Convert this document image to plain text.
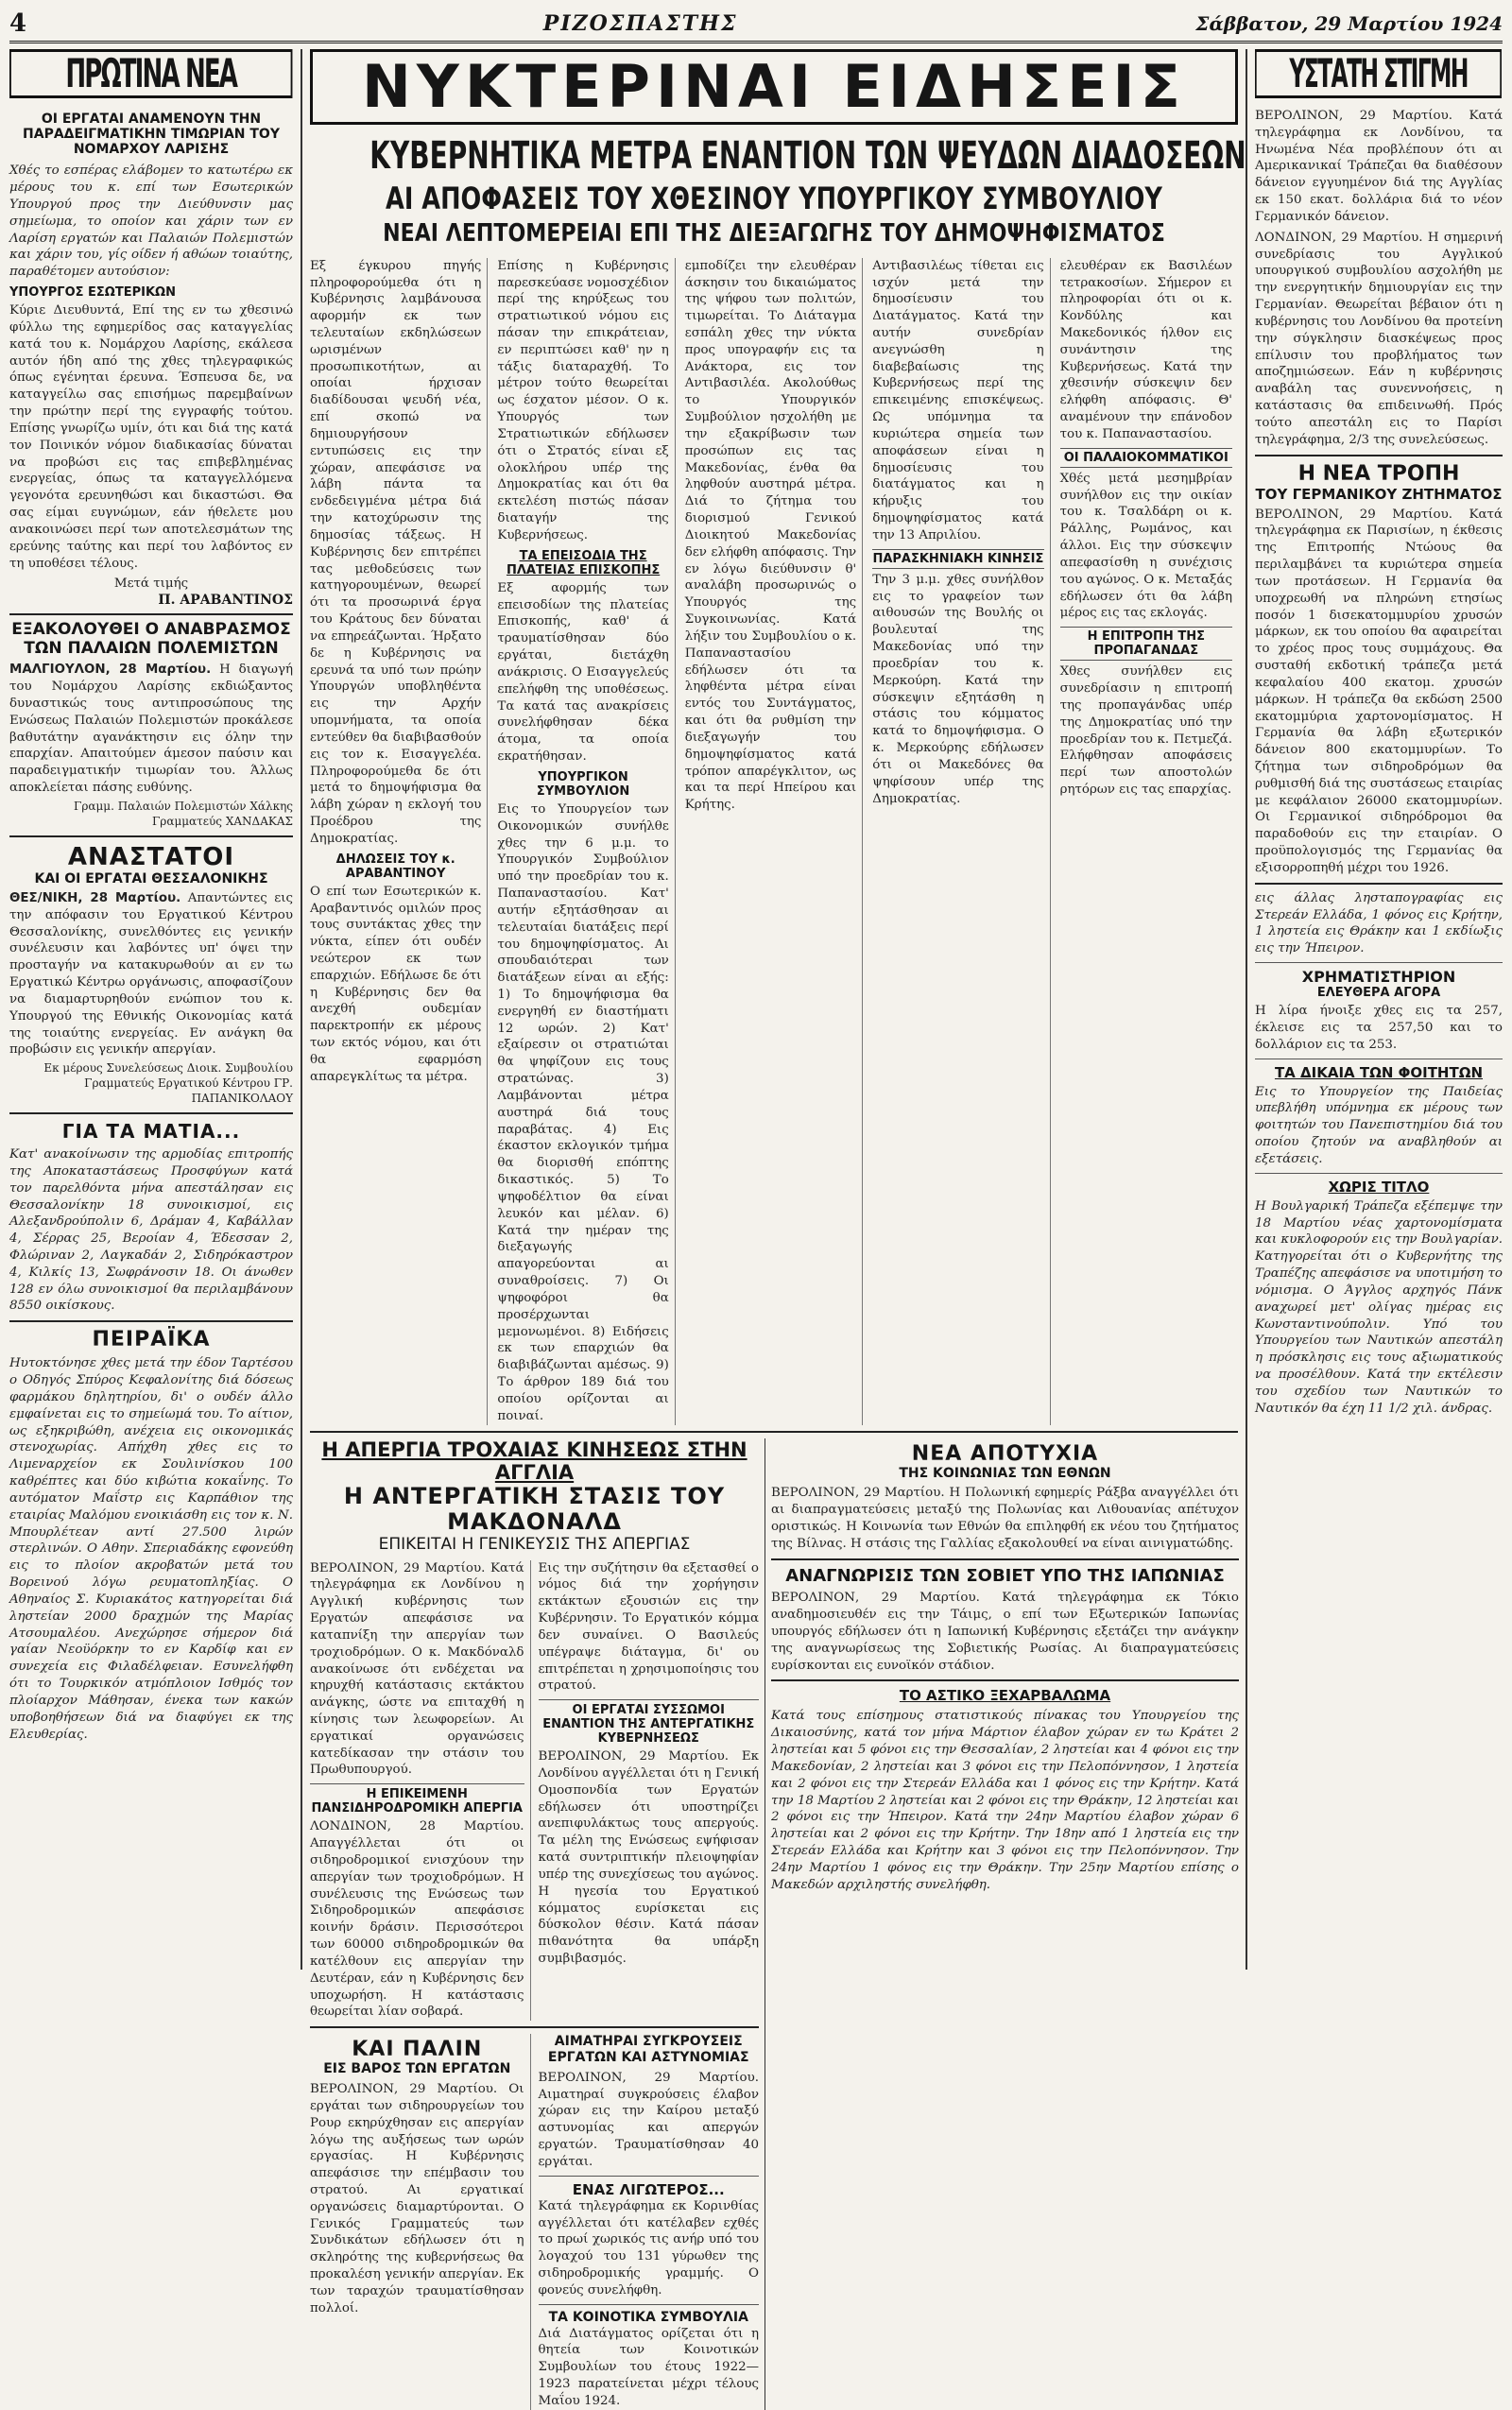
4	ΡΙΖΟΣΠΑΣΤΗΣ	Σάββατον, 29 Μαρτίου 1924
ΠΡΩΤΙΝΑ ΝΕΑ
ΟΙ ΕΡΓΑΤΑΙ ΑΝΑΜΕΝΟΥΝ ΤΗΝ ΠΑΡΑΔΕΙΓΜΑΤΙΚΗΝ ΤΙΜΩΡΙΑΝ ΤΟΥ ΝΟΜΑΡΧΟΥ ΛΑΡΙΣΗΣ
Χθές το εσπέρας ελάβομεν το κατωτέρω εκ μέρους του κ. επί των Εσωτερικών Υπουργού προς την Διεύθυνσιν μας σημείωμα, το οποίον και χάριν των εν Λαρίση εργατών και Παλαιών Πολεμιστών και χάριν του, γίς οίδεν ή αθώων τοιαύτης, παραθέτομεν αυτούσιον:
ΥΠΟΥΡΓΟΣ ΕΣΩΤΕΡΙΚΩΝ
Κύριε Διευθυντά, Επί της εν τω χθεσινώ φύλλω της εφημερίδος σας καταγγελίας κατά του κ. Νομάρχου Λαρίσης, εκάλεσα αυτόν ήδη από της χθες τηλεγραφικώς όπως εγένηται έρευνα. Έσπευσα δε, να καταγγείλω σας επισήμως παρεμβαίνων την πρώτην περί της εγγραφής τούτου. Επίσης γνωρίζω υμίν, ότι και διά της κατά τον Ποινικόν νόμον διαδικασίας δύναται να προβώσι εις τας επιβεβλημένας ενεργείας, όπως τα καταγγελλόμενα γεγονότα ερευνηθώσι και δικαστώσι. Θα σας είμαι ευγνώμων, εάν ήθελετε μου ανακοινώσει περί των αποτελεσμάτων της ερεύνης ταύτης και περί του λαβόντος εν τη υποθέσει τέλους.
Μετά τιμής
Π. ΑΡΑΒΑΝΤΙΝΟΣ
ΕΞΑΚΟΛΟΥΘΕΙ Ο ΑΝΑΒΡΑΣΜΟΣ ΤΩΝ ΠΑΛΑΙΩΝ ΠΟΛΕΜΙΣΤΩΝ
ΜΑΛΓΙΟΥΛΟΝ, 28 Μαρτίου. Η διαγωγή του Νομάρχου Λαρίσης εκδιώξαντος δυναστικώς τους αντιπροσώπους της Ενώσεως Παλαιών Πολεμιστών προκάλεσε βαθυτάτην αγανάκτησιν εις όλην την επαρχίαν. Απαιτούμεν άμεσον παύσιν και παραδειγματικήν τιμωρίαν του. Άλλως αποκλείεται πάσης ευθύνης.
Γραμμ. Παλαιών Πολεμιστών Χάλκης Γραμματεύς ΧΑΝΔΑΚΑΣ
ΑΝΑΣΤΑΤΟΙ
ΚΑΙ ΟΙ ΕΡΓΑΤΑΙ ΘΕΣΣΑΛΟΝΙΚΗΣ
ΘΕΣ/ΝΙΚΗ, 28 Μαρτίου. Απαντώντες εις την απόφασιν του Εργατικού Κέντρου Θεσσαλονίκης, συνελθόντες εις γενικήν συνέλευσιν και λαβόντες υπ' όψει την προσταγήν να κατακυρωθούν αι εν τω Εργατικώ Κέντρω οργάνωσις, αποφασίζουν να διαμαρτυρηθούν ενώπιον του κ. Υπουργού της Εθνικής Οικονομίας κατά της τοιαύτης ενεργείας. Εν ανάγκη θα προβώσιν εις γενικήν απεργίαν.
Εκ μέρους Συνελεύσεως Διοικ. Συμβουλίου Γραμματεύς Εργατικού Κέντρου ΓΡ. ΠΑΠΑΝΙΚΟΛΑΟΥ
ΓΙΑ ΤΑ ΜΑΤΙΑ...
Κατ' ανακοίνωσιν της αρμοδίας επιτροπής της Αποκαταστάσεως Προσφύγων κατά τον παρελθόντα μήνα απεστάλησαν εις Θεσσαλονίκην 18 συνοικισμοί, εις Αλεξανδρούπολιν 6, Δράμαν 4, Καβάλλαν 4, Σέρρας 25, Βεροίαν 4, Έδεσσαν 2, Φλώριναν 2, Λαγκαδάν 2, Σιδηρόκαστρον 4, Κιλκίς 13, Σωφράνοσιν 18. Οι άνωθεν 128 εν όλω συνοικισμοί θα περιλαμβάνουν 8550 οικίσκους.
ΠΕΙΡΑΪΚΑ
Ηυτοκτόνησε χθες μετά την έδον Ταρτέσου ο Οδηγός Σπύρος Κεφαλονίτης διά δόσεως φαρμάκου δηλητηρίου, δι' ο ουδέν άλλο εμφαίνεται εις το σημείωμά του. Το αίτιον, ως εξηκριβώθη, ανέχεια εις οικονομικάς στενοχωρίας. Απήχθη χθες εις το Λιμεναρχείον εκ Σουλινίσκου 100 καθρέπτες και δύο κιβώτια κοκαΐνης. Το αυτόματον Μαΐστρ εις Καρπάθιον της εταιρίας Μαλόμου ενοικιάσθη εις τον κ. Ν. Μπουρλέτεαν αντί 27.500 λιρών στερλινών. Ο Αθην. Σπεριαδάκης εφονεύθη εις το πλοίον ακροβατών μετά του Βορεινού λόγω ρευματοπληξίας. Ο Αθηναίος Σ. Κυριακάτος κατηγορείται διά ληστείαν 2000 δραχμών της Μαρίας Ατσουμαλέου. Ανεχώρησε σήμερον διά γαίαν Νεοϋόρκην το εν Καρδίφ και εν συνεχεία εις Φιλαδέλφειαν. Εσυνελήφθη ότι το Τουρκικόν ατμόπλοιον Ισθμός τον πλοίαρχον Μάθησαν, ένεκα των κακών υποβοηθήσεων διά να διαφύγει εκ της Ελευθερίας.
ΝΥΚΤΕΡΙΝΑΙ ΕΙΔΗΣΕΙΣ
ΚΥΒΕΡΝΗΤΙΚΑ ΜΕΤΡΑ ΕΝΑΝΤΙΟΝ ΤΩΝ ΨΕΥΔΩΝ ΔΙΑΔΟΣΕΩΝ
ΑΙ ΑΠΟΦΑΣΕΙΣ ΤΟΥ ΧΘΕΣΙΝΟΥ ΥΠΟΥΡΓΙΚΟΥ ΣΥΜΒΟΥΛΙΟΥ
ΝΕΑΙ ΛΕΠΤΟΜΕΡΕΙΑΙ ΕΠΙ ΤΗΣ ΔΙΕΞΑΓΩΓΗΣ ΤΟΥ ΔΗΜΟΨΗΦΙΣΜΑΤΟΣ
Εξ έγκυρου πηγής πληροφορούμεθα ότι η Κυβέρνησις λαμβάνουσα αφορμήν εκ των τελευταίων εκδηλώσεων ωρισμένων προσωπικοτήτων, αι οποίαι ήρχισαν διαδίδουσαι ψευδή νέα, επί σκοπώ να δημιουργήσουν εντυπώσεις εις την χώραν, απεφάσισε να λάβη πάντα τα ενδεδειγμένα μέτρα διά την κατοχύρωσιν της δημοσίας τάξεως. Η Κυβέρνησις δεν επιτρέπει τας μεθοδεύσεις των κατηγορουμένων, θεωρεί ότι τα προσωρινά έργα του Κράτους δεν δύναται να επηρεάζωνται. Ήρξατο δε η Κυβέρνησις να ερευνά τα υπό των πρώην Υπουργών υποβληθέντα εις την Αρχήν υπομνήματα, τα οποία εντεύθεν θα διαβιβασθούν εις τον κ. Εισαγγελέα. Πληροφορούμεθα δε ότι μετά το δημοψήφισμα θα λάβη χώραν η εκλογή του Προέδρου της Δημοκρατίας.
ΔΗΛΩΣΕΙΣ ΤΟΥ κ. ΑΡΑΒΑΝΤΙΝΟΥ
Ο επί των Εσωτερικών κ. Αραβαντινός ομιλών προς τους συντάκτας χθες την νύκτα, είπεν ότι ουδέν νεώτερον εκ των επαρχιών. Εδήλωσε δε ότι η Κυβέρνησις δεν θα ανεχθή ουδεμίαν παρεκτροπήν εκ μέρους των εκτός νόμου, και ότι θα εφαρμόση απαρεγκλίτως τα μέτρα.
Επίσης η Κυβέρνησις παρεσκεύασε νομοσχέδιον περί της κηρύξεως του στρατιωτικού νόμου εις πάσαν την επικράτειαν, εν περιπτώσει καθ' ην η τάξις διαταραχθή. Το μέτρον τούτο θεωρείται ως έσχατον μέσον. Ο κ. Υπουργός των Στρατιωτικών εδήλωσεν ότι ο Στρατός είναι εξ ολοκλήρου υπέρ της Δημοκρατίας και ότι θα εκτελέση πιστώς πάσαν διαταγήν της Κυβερνήσεως.
ΤΑ ΕΠΕΙΣΟΔΙΑ ΤΗΣ ΠΛΑΤΕΙΑΣ ΕΠΙΣΚΟΠΗΣ
Εξ αφορμής των επεισοδίων της πλατείας Επισκοπής, καθ' ά τραυματίσθησαν δύο εργάται, διετάχθη ανάκρισις. Ο Εισαγγελεύς επελήφθη της υποθέσεως. Τα κατά τας ανακρίσεις συνελήφθησαν δέκα άτομα, τα οποία εκρατήθησαν.
ΥΠΟΥΡΓΙΚΟΝ ΣΥΜΒΟΥΛΙΟΝ
Εις το Υπουργείον των Οικονομικών συνήλθε χθες την 6 μ.μ. το Υπουργικόν Συμβούλιον υπό την προεδρίαν του κ. Παπαναστασίου. Κατ' αυτήν εξητάσθησαν αι τελευταίαι διατάξεις περί του δημοψηφίσματος. Αι σπουδαιότεραι των διατάξεων είναι αι εξής: 1) Το δημοψήφισμα θα ενεργηθή εν διαστήματι 12 ωρών. 2) Κατ' εξαίρεσιν οι στρατιώται θα ψηφίζουν εις τους στρατώνας. 3) Λαμβάνονται μέτρα αυστηρά διά τους παραβάτας. 4) Εις έκαστον εκλογικόν τμήμα θα διορισθή επόπτης δικαστικός. 5) Το ψηφοδέλτιον θα είναι λευκόν και μέλαν. 6) Κατά την ημέραν της διεξαγωγής απαγορεύονται αι συναθροίσεις. 7) Οι ψηφοφόροι θα προσέρχωνται μεμονωμένοι. 8) Ειδήσεις εκ των επαρχιών θα διαβιβάζωνται αμέσως. 9) Το άρθρον 189 διά του οποίου ορίζονται αι ποιναί.
εμποδίζει την ελευθέραν άσκησιν του δικαιώματος της ψήφου των πολιτών, τιμωρείται. Το Διάταγμα εσπάλη χθες την νύκτα προς υπογραφήν εις τα Ανάκτορα, εις τον Αντιβασιλέα. Ακολούθως το Υπουργικόν Συμβούλιον ησχολήθη με την εξακρίβωσιν των προσώπων εις τας Μακεδονίας, ένθα θα ληφθούν αυστηρά μέτρα. Διά το ζήτημα του διορισμού Γενικού Διοικητού Μακεδονίας δεν ελήφθη απόφασις. Την εν λόγω διεύθυνσιν θ' αναλάβη προσωρινώς ο Υπουργός της Συγκοινωνίας. Κατά λήξιν του Συμβουλίου ο κ. Παπαναστασίου εδήλωσεν ότι τα ληφθέντα μέτρα είναι εντός του Συντάγματος, και ότι θα ρυθμίση την διεξαγωγήν του δημοψηφίσματος κατά τρόπον απαρέγκλιτον, ως και τα περί Ηπείρου και Κρήτης.
Αντιβασιλέως τίθεται εις ισχύν μετά την δημοσίευσιν του Διατάγματος. Κατά την αυτήν συνεδρίαν ανεγνώσθη η διαβεβαίωσις της Κυβερνήσεως περί της επικειμένης επισκέψεως. Ως υπόμνημα τα κυριώτερα σημεία των αποφάσεων είναι η δημοσίευσις του διατάγματος και η κήρυξις του δημοψηφίσματος κατά την 13 Απριλίου.
ΠΑΡΑΣΚΗΝΙΑΚΗ ΚΙΝΗΣΙΣ
Την 3 μ.μ. χθες συνήλθον εις το γραφείον των αιθουσών της Βουλής οι βουλευταί της Μακεδονίας υπό την προεδρίαν του κ. Μερκούρη. Κατά την σύσκεψιν εξητάσθη η στάσις του κόμματος κατά το δημοψήφισμα. Ο κ. Μερκούρης εδήλωσεν ότι οι Μακεδόνες θα ψηφίσουν υπέρ της Δημοκρατίας.
ελευθέραν εκ Βασιλέων τετρακοσίων. Σήμερον ει πληροφορίαι ότι οι κ. Κονδύλης και Μακεδονικός ήλθον εις συνάντησιν της Κυβερνήσεως. Κατά την χθεσινήν σύσκεψιν δεν ελήφθη απόφασις. Θ' αναμένουν την επάνοδον του κ. Παπαναστασίου.
ΟΙ ΠΑΛΑΙΟΚΟΜΜΑΤΙΚΟΙ
Χθές μετά μεσημβρίαν συνήλθον εις την οικίαν του κ. Τσαλδάρη οι κ. Ράλλης, Ρωμάνος, και άλλοι. Εις την σύσκεψιν απεφασίσθη η συνέχισις του αγώνος. Ο κ. Μεταξάς εδήλωσεν ότι θα λάβη μέρος εις τας εκλογάς.
Η ΕΠΙΤΡΟΠΗ ΤΗΣ ΠΡΟΠΑΓΑΝΔΑΣ
Χθες συνήλθεν εις συνεδρίασιν η επιτροπή της προπαγάνδας υπέρ της Δημοκρατίας υπό την προεδρίαν του κ. Πετμεζά. Ελήφθησαν αποφάσεις περί των αποστολών ρητόρων εις τας επαρχίας.
Η ΑΠΕΡΓΙΑ ΤΡΟΧΑΙΑΣ ΚΙΝΗΣΕΩΣ ΣΤΗΝ ΑΓΓΛΙΑ
Η ΑΝΤΕΡΓΑΤΙΚΗ ΣΤΑΣΙΣ ΤΟΥ ΜΑΚΔΟΝΑΛΔ
ΕΠΙΚΕΙΤΑΙ Η ΓΕΝΙΚΕΥΣΙΣ ΤΗΣ ΑΠΕΡΓΙΑΣ
ΒΕΡΟΛΙΝΟΝ, 29 Μαρτίου. Κατά τηλεγράφημα εκ Λονδίνου η Αγγλική κυβέρνησις των Εργατών απεφάσισε να καταπνίξη την απεργίαν των τροχιοδρόμων. Ο κ. Μακδόναλδ ανακοίνωσε ότι ενδέχεται να κηρυχθή κατάστασις εκτάκτου ανάγκης, ώστε να επιταχθή η κίνησις των λεωφορείων. Αι εργατικαί οργανώσεις κατεδίκασαν την στάσιν του Πρωθυπουργού.
Η ΕΠΙΚΕΙΜΕΝΗ ΠΑΝΣΙΔΗΡΟΔΡΟΜΙΚΗ ΑΠΕΡΓΙΑ
ΛΟΝΔΙΝΟΝ, 28 Μαρτίου. Απαγγέλλεται ότι οι σιδηροδρομικοί ενισχύουν την απεργίαν των τροχιοδρόμων. Η συνέλευσις της Ενώσεως των Σιδηροδρομικών απεφάσισε κοινήν δράσιν. Περισσότεροι των 60000 σιδηροδρομικών θα κατέλθουν εις απεργίαν την Δευτέραν, εάν η Κυβέρνησις δεν υποχωρήση. Η κατάστασις θεωρείται λίαν σοβαρά.
Εις την συζήτησιν θα εξετασθεί ο νόμος διά την χορήγησιν εκτάκτων εξουσιών εις την Κυβέρνησιν. Το Εργατικόν κόμμα δεν συναίνει. Ο Βασιλεύς υπέγραψε διάταγμα, δι' ου επιτρέπεται η χρησιμοποίησις του στρατού.
ΟΙ ΕΡΓΑΤΑΙ ΣΥΣΣΩΜΟΙ ΕΝΑΝΤΙΟΝ ΤΗΣ ΑΝΤΕΡΓΑΤΙΚΗΣ ΚΥΒΕΡΝΗΣΕΩΣ
ΒΕΡΟΛΙΝΟΝ, 29 Μαρτίου. Εκ Λονδίνου αγγέλλεται ότι η Γενική Ομοσπονδία των Εργατών εδήλωσεν ότι υποστηρίζει ανεπιφυλάκτως τους απεργούς. Τα μέλη της Ενώσεως εψήφισαν κατά συντριπτικήν πλειοψηφίαν υπέρ της συνεχίσεως του αγώνος. Η ηγεσία του Εργατικού κόμματος ευρίσκεται εις δύσκολον θέσιν. Κατά πάσαν πιθανότητα θα υπάρξη συμβιβασμός.
ΚΑΙ ΠΑΛΙΝ
ΕΙΣ ΒΑΡΟΣ ΤΩΝ ΕΡΓΑΤΩΝ
ΒΕΡΟΛΙΝΟΝ, 29 Μαρτίου. Οι εργάται των σιδηρουργείων του Ρουρ εκηρύχθησαν εις απεργίαν λόγω της αυξήσεως των ωρών εργασίας. Η Κυβέρνησις απεφάσισε την επέμβασιν του στρατού. Αι εργατικαί οργανώσεις διαμαρτύρονται. Ο Γενικός Γραμματεύς των Συνδικάτων εδήλωσεν ότι η σκληρότης της κυβερνήσεως θα προκαλέση γενικήν απεργίαν. Εκ των ταραχών τραυματίσθησαν πολλοί.
ΑΙΜΑΤΗΡΑΙ ΣΥΓΚΡΟΥΣΕΙΣ ΕΡΓΑΤΩΝ ΚΑΙ ΑΣΤΥΝΟΜΙΑΣ
ΒΕΡΟΛΙΝΟΝ, 29 Μαρτίου. Αιματηραί συγκρούσεις έλαβον χώραν εις την Καίρου μεταξύ αστυνομίας και απεργών εργατών. Τραυματίσθησαν 40 εργάται.
ΕΝΑΣ ΛΙΓΩΤΕΡΟΣ...
Κατά τηλεγράφημα εκ Κορινθίας αγγέλλεται ότι κατέλαβεν εχθές το πρωί χωρικός τις ανήρ υπό του λογαχού του 131 γύρωθεν της σιδηροδρομικής γραμμής. Ο φονεύς συνελήφθη.
ΤΑ ΚΟΙΝΟΤΙΚΑ ΣΥΜΒΟΥΛΙΑ
Διά Διατάγματος ορίζεται ότι η θητεία των Κοινοτικών Συμβουλίων του έτους 1922—1923 παρατείνεται μέχρι τέλους Μαΐου 1924.
ΝΕΑ ΑΠΟΤΥΧΙΑ
ΤΗΣ ΚΟΙΝΩΝΙΑΣ ΤΩΝ ΕΘΝΩΝ
ΒΕΡΟΛΙΝΟΝ, 29 Μαρτίου. Η Πολωνική εφημερίς Ράξβα αναγγέλλει ότι αι διαπραγματεύσεις μεταξύ της Πολωνίας και Λιθουανίας απέτυχον οριστικώς. Η Κοινωνία των Εθνών θα επιληφθή εκ νέου του ζητήματος της Βίλνας. Η στάσις της Γαλλίας εξακολουθεί να είναι αινιγματώδης.
ΑΝΑΓΝΩΡΙΣΙΣ ΤΩΝ ΣΟΒΙΕΤ ΥΠΟ ΤΗΣ ΙΑΠΩΝΙΑΣ
ΒΕΡΟΛΙΝΟΝ, 29 Μαρτίου. Κατά τηλεγράφημα εκ Τόκιο αναδημοσιευθέν εις την Τάιμς, ο επί των Εξωτερικών Ιαπωνίας υπουργός εδήλωσεν ότι η Ιαπωνική Κυβέρνησις εξετάζει την ανάγκην της αναγνωρίσεως της Σοβιετικής Ρωσίας. Αι διαπραγματεύσεις ευρίσκονται εις ευνοϊκόν στάδιον.
ΤΟ ΑΣΤΙΚΟ ΞΕΧΑΡΒΑΛΩΜΑ
Κατά τους επίσημους στατιστικούς πίνακας του Υπουργείου της Δικαιοσύνης, κατά τον μήνα Μάρτιον έλαβον χώραν εν τω Κράτει 2 ληστείαι και 5 φόνοι εις την Θεσσαλίαν, 2 ληστείαι και 4 φόνοι εις την Μακεδονίαν, 2 ληστείαι και 3 φόνοι εις την Πελοπόννησον, 1 ληστεία και 2 φόνοι εις την Στερεάν Ελλάδα και 1 φόνος εις την Κρήτην. Κατά την 18 Μαρτίου 2 ληστείαι και 2 φόνοι εις την Θράκην, 12 ληστείαι και 2 φόνοι εις την Ήπειρον. Κατά την 24ην Μαρτίου έλαβον χώραν 6 ληστείαι και 2 φόνοι εις την Κρήτην. Την 18ην από 1 ληστεία εις την Στερεάν Ελλάδα και Κρήτην και 3 φόνοι εις την Πελοπόννησον. Την 24ην Μαρτίου 1 φόνος εις την Θράκην. Την 25ην Μαρτίου επίσης ο Μακεδών αρχιληστής συνελήφθη.
ΥΣΤΑΤΗ ΣΤΙΓΜΗ
ΒΕΡΟΛΙΝΟΝ, 29 Μαρτίου. Κατά τηλεγράφημα εκ Λονδίνου, τα Ηνωμένα Νέα προβλέπουν ότι αι Αμερικανικαί Τράπεζαι θα διαθέσουν δάνειον εγγυημένον διά της Αγγλίας εκ 150 εκατ. δολλάρια διά το νέον Γερμανικόν δάνειον.
ΛΟΝΔΙΝΟΝ, 29 Μαρτίου. Η σημερινή συνεδρίασις του Αγγλικού υπουργικού συμβουλίου ασχολήθη με την ενεργητικήν δημιουργίαν εις την Γερμανίαν. Θεωρείται βέβαιον ότι η κυβέρνησις του Λονδίνου θα προτείνη την σύγκλησιν διασκέψεως προς επίλυσιν του προβλήματος των αποζημιώσεων. Εάν η κυβέρνησις αναβάλη τας συνεννοήσεις, η κατάστασις θα επιδεινωθή. Πρός τούτο απεστάλη εις το Παρίσι τηλεγράφημα, 2/3 της συνελεύσεως.
Η ΝΕΑ ΤΡΟΠΗ
ΤΟΥ ΓΕΡΜΑΝΙΚΟΥ ΖΗΤΗΜΑΤΟΣ
ΒΕΡΟΛΙΝΟΝ, 29 Μαρτίου. Κατά τηλεγράφημα εκ Παρισίων, η έκθεσις της Επιτροπής Ντώους θα περιλαμβάνει τα κυριώτερα σημεία των προτάσεων. Η Γερμανία θα υποχρεωθή να πληρώνη ετησίως ποσόν 1 δισεκατομμυρίου χρυσών μάρκων, εκ του οποίου θα αφαιρείται το χρέος προς τους συμμάχους. Θα συσταθή εκδοτική τράπεζα μετά κεφαλαίου 400 εκατομ. χρυσών μάρκων. Η τράπεζα θα εκδώση 2500 εκατομμύρια χαρτονομίσματος. Η Γερμανία θα λάβη εξωτερικόν δάνειον 800 εκατομμυρίων. Το ζήτημα των σιδηροδρόμων θα ρυθμισθή διά της συστάσεως εταιρίας με κεφάλαιον 26000 εκατομμυρίων. Οι Γερμανικοί σιδηρόδρομοι θα παραδοθούν εις την εταιρίαν. Ο προϋπολογισμός της Γερμανίας θα εξισορροπηθή μέχρι του 1926.
εις άλλας λησταπογραφίας εις Στερεάν Ελλάδα, 1 φόνος εις Κρήτην, 1 ληστεία εις Θράκην και 1 εκδίωξις εις την Ήπειρον.
ΧΡΗΜΑΤΙΣΤΗΡΙΟΝ
ΕΛΕΥΘΕΡΑ ΑΓΟΡΑ
Η λίρα ήνοιξε χθες εις τα 257, έκλεισε εις τα 257,50 και το δολλάριον εις τα 253.
ΤΑ ΔΙΚΑΙΑ ΤΩΝ ΦΟΙΤΗΤΩΝ
Εις το Υπουργείον της Παιδείας υπεβλήθη υπόμνημα εκ μέρους των φοιτητών του Πανεπιστημίου διά του οποίου ζητούν να αναβληθούν αι εξετάσεις.
ΧΩΡΙΣ ΤΙΤΛΟ
Η Βουλγαρική Τράπεζα εξέπεμψε την 18 Μαρτίου νέας χαρτονομίσματα και κυκλοφορούν εις την Βουλγαρίαν. Κατηγορείται ότι ο Κυβερνήτης της Τραπέζης απεφάσισε να υποτιμήση το νόμισμα. Ο Άγγλος αρχηγός Πάνκ αναχωρεί μετ' ολίγας ημέρας εις Κωνσταντινούπολιν. Υπό του Υπουργείου των Ναυτικών απεστάλη η πρόσκλησις εις τους αξιωματικούς να προσέλθουν. Κατά την εκτέλεσιν του σχεδίου των Ναυτικών το Ναυτικόν θα έχη 11 1/2 χιλ. άνδρας.
